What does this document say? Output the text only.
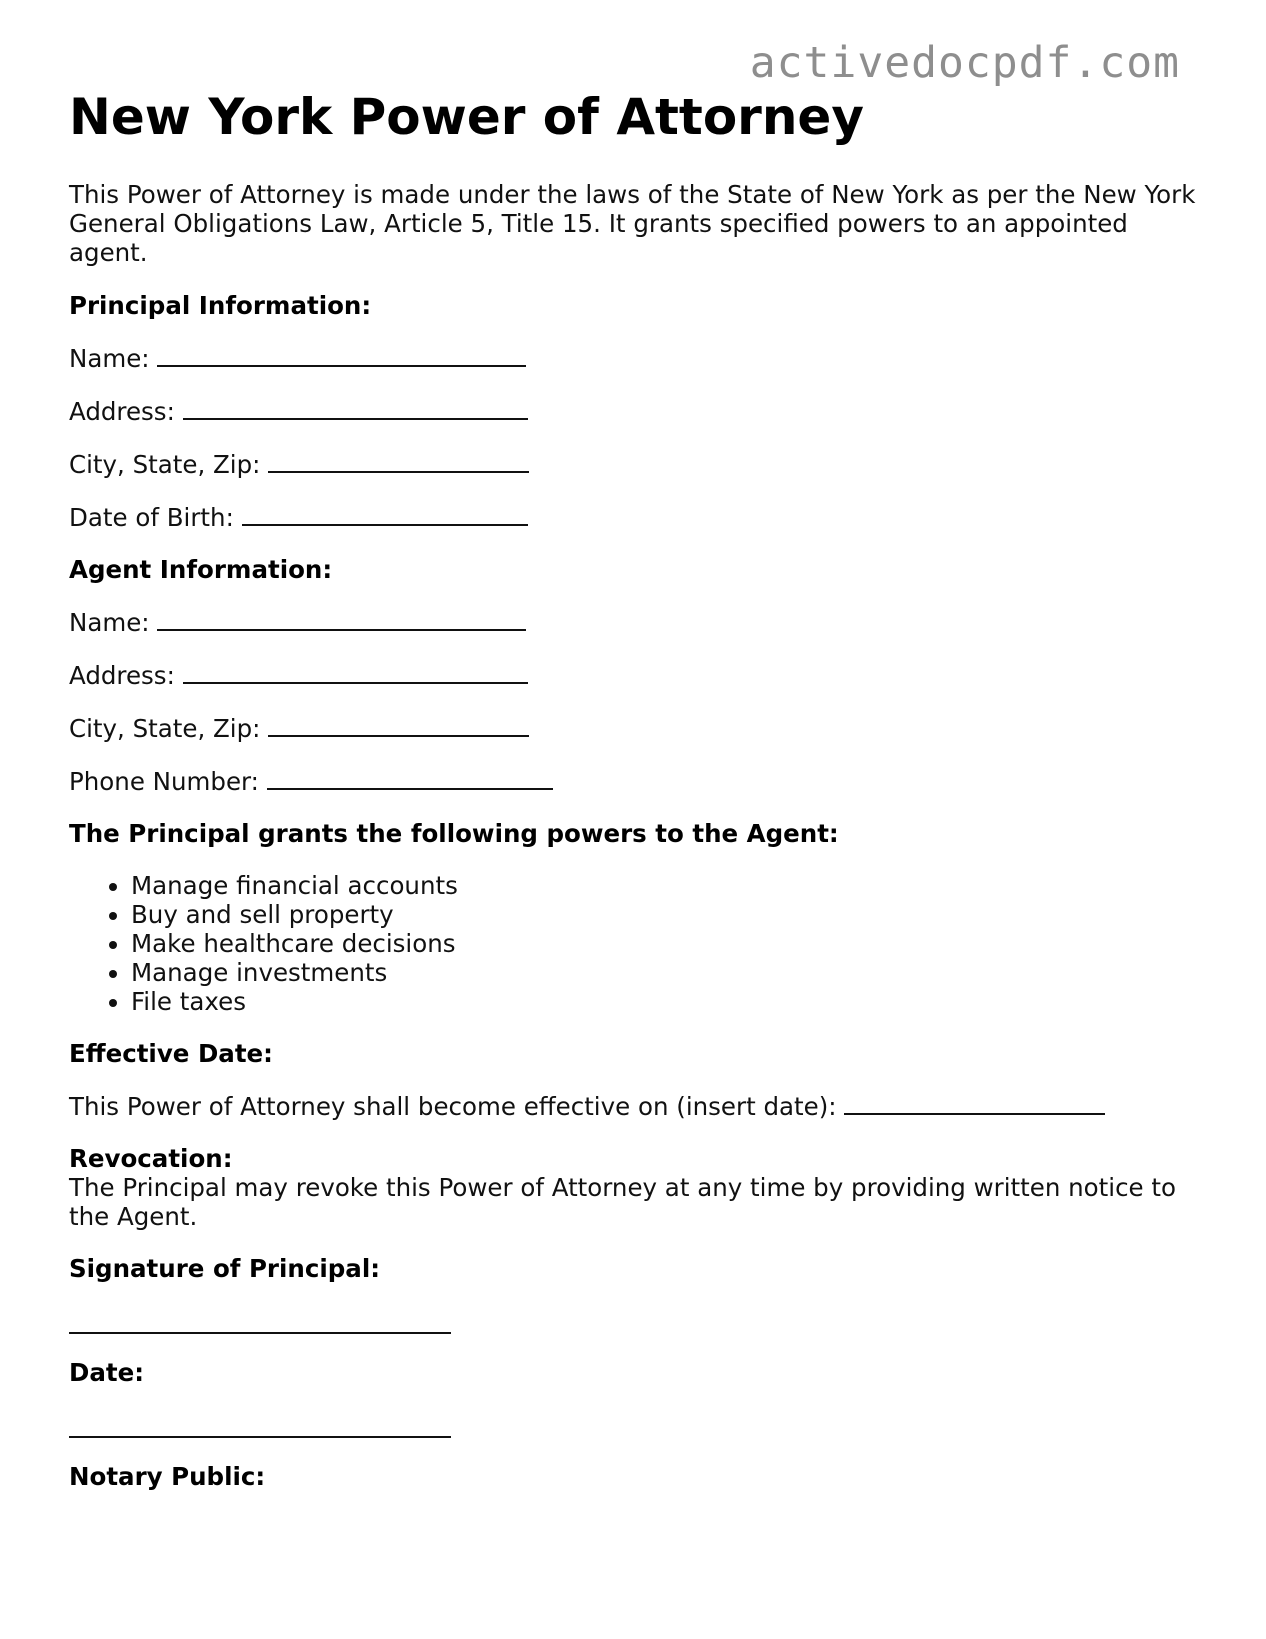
activedocpdf.com
New York Power of Attorney

This Power of Attorney is made under the laws of the State of New York as per the New York General Obligations Law, Article 5, Title 15. It grants specified powers to an appointed agent.

Principal Information:

Name:

Address:

City, State, Zip:

Date of Birth:

Agent Information:

Name:

Address:

City, State, Zip:

Phone Number:

The Principal grants the following powers to the Agent:

• Manage financial accounts
• Buy and sell property
• Make healthcare decisions
• Manage investments
• File taxes

Effective Date:

This Power of Attorney shall become effective on (insert date):

Revocation:

The Principal may revoke this Power of Attorney at any time by providing written notice to the Agent.

Signature of Principal:

Date:

Notary Public:
